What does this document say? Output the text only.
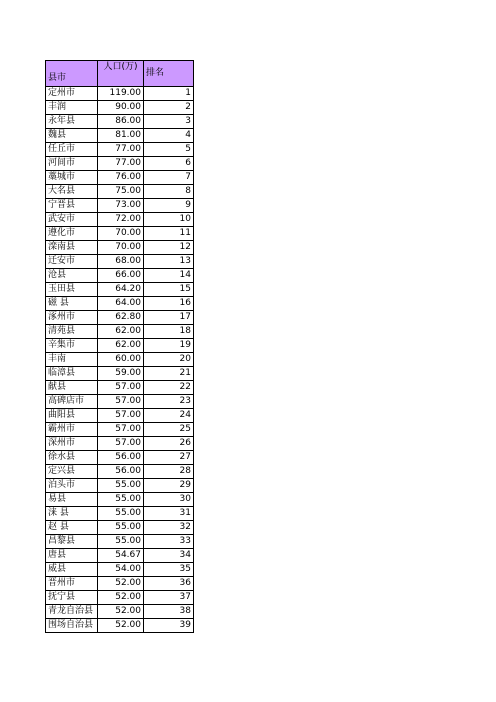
县市	人口(万)	排名
定州市	119.00	1
丰润	90.00	2
永年县	86.00	3
魏县	81.00	4
任丘市	77.00	5
河间市	77.00	6
藁城市	76.00	7
大名县	75.00	8
宁晋县	73.00	9
武安市	72.00	10
遵化市	70.00	11
滦南县	70.00	12
迁安市	68.00	13
沧县	66.00	14
玉田县	64.20	15
磁 县	64.00	16
涿州市	62.80	17
清苑县	62.00	18
辛集市	62.00	19
丰南	60.00	20
临漳县	59.00	21
献县	57.00	22
高碑店市	57.00	23
曲阳县	57.00	24
霸州市	57.00	25
深州市	57.00	26
徐水县	56.00	27
定兴县	56.00	28
泊头市	55.00	29
易县	55.00	30
涞 县	55.00	31
赵 县	55.00	32
昌黎县	55.00	33
唐县	54.67	34
威县	54.00	35
晋州市	52.00	36
抚宁县	52.00	37
青龙自治县	52.00	38
围场自治县	52.00	39
